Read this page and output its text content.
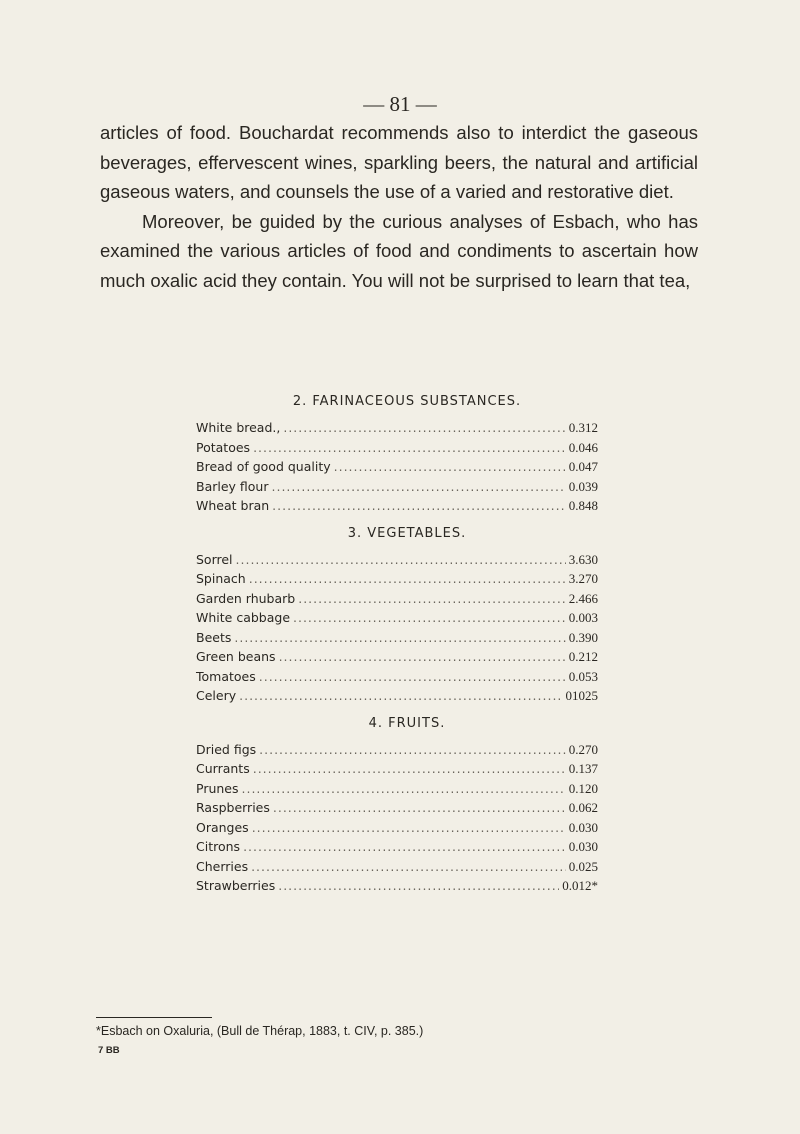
— 81 —

articles of food. Bouchardat recommends also to interdict the gaseous beverages, effervescent wines, sparkling beers, the natural and artificial gaseous waters, and counsels the use of a varied and restorative diet.

Moreover, be guided by the curious analyses of Esbach, who has examined the various articles of food and condiments to ascertain how much oxalic acid they contain. You will not be surprised to learn that tea,

2. FARINACEOUS SUBSTANCES.
White bread., .....	0.312
Potatoes .....	0.046
Bread of good quality .....	0.047
Barley flour .....	0.039
Wheat bran .....	0.848
3. VEGETABLES.
Sorrel .....	3.630
Spinach .....	3.270
Garden rhubarb .....	2.466
White cabbage .....	0.003
Beets .....	0.390
Green beans .....	0.212
Tomatoes .....	0.053
Celery .....	01025
4. FRUITS.
Dried figs .....	0.270
Currants .....	0.137
Prunes .....	0.120
Raspberries .....	0.062
Oranges .....	0.030
Citrons .....	0.030
Cherries .....	0.025
Strawberries .....	0.012*
*Esbach on Oxaluria, (Bull de Thérap, 1883, t. CIV, p. 385.)
7 BB
